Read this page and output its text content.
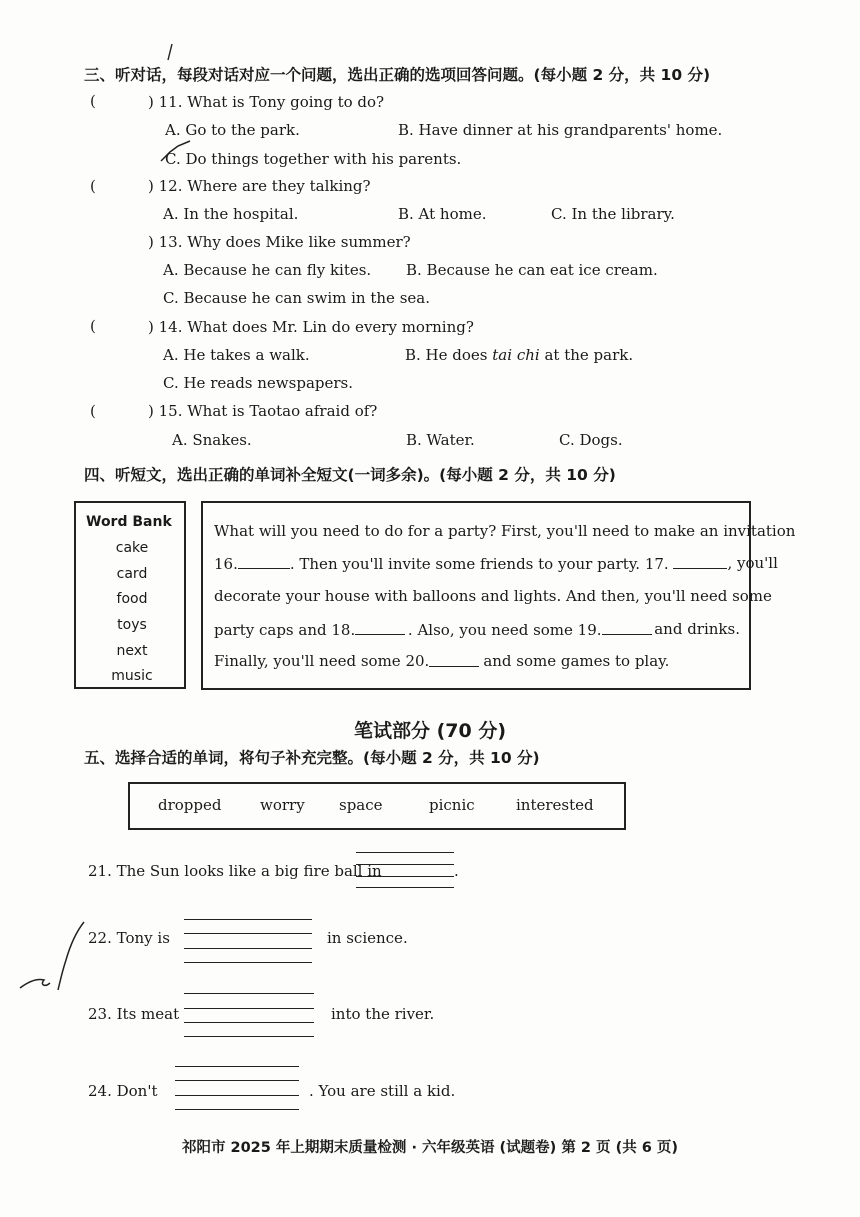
三、听对话，每段对话对应一个问题，选出正确的选项回答问题。(每小题 2 分，共 10 分)
(	) 11. What is Tony going to do?
A. Go to the park.	B. Have dinner at his grandparents' home.
C. Do things together with his parents.
(	) 12. Where are they talking?
A. In the hospital.	B. At home.	C. In the library.
) 13. Why does Mike like summer?
A. Because he can fly kites. B. Because he can eat ice cream.
C. Because he can swim in the sea.
(	) 14. What does Mr. Lin do every morning?
A. He takes a walk.	B. He does tai chi at the park.
C. He reads newspapers.
(	) 15. What is Taotao afraid of?
A. Snakes.	B. Water.	C. Dogs.
四、听短文，选出正确的单词补全短文(一词多余)。(每小题 2 分，共 10 分)
Word Bank
cake
card
food
toys
next
music
What will you need to do for a party? First, you'll need to make an invitation
16.	. Then you'll invite some friends to your party. 17.	, you'll
decorate your house with balloons and lights. And then, you'll need some
party caps and 18.	. Also, you need some 19.	and drinks.
Finally, you'll need some 20.	and some games to play.
笔试部分 (70 分)
五、选择合适的单词，将句子补充完整。(每小题 2 分，共 10 分)
dropped	worry space	picnic	interested
21. The Sun looks like a big fire ball in	.
22. Tony is	in science.
23. Its meat	into the river.
24. Don't	. You are still a kid.
祁阳市 2025 年上期期末质量检测 · 六年级英语 (试题卷) 第 2 页 (共 6 页)
